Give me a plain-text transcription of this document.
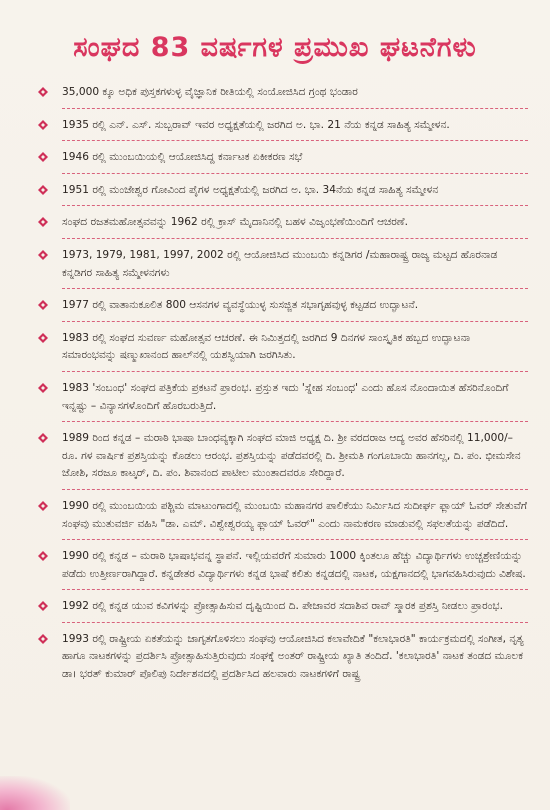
ಸಂಘದ 83 ವರ್ಷಗಳ ಪ್ರಮುಖ ಘಟನೆಗಳು
35,000 ಕ್ಕೂ ಅಧಿಕ ಪುಸ್ತಕಗಳುಳ್ಳ ವೈಜ್ಞಾನಿಕ ರೀತಿಯಲ್ಲಿ ಸಂಯೋಜಿಸಿದ ಗ್ರಂಥ ಭಂಡಾರ
1935 ರಲ್ಲಿ ಎನ್. ಎಸ್. ಸುಬ್ಬರಾವ್ ಇವರ ಅಧ್ಯಕ್ಷತೆಯಲ್ಲಿ ಜರಗಿದ ಅ. ಭಾ. 21 ನೆಯ ಕನ್ನಡ ಸಾಹಿತ್ಯ ಸಮ್ಮೇಳನ.
1946 ರಲ್ಲಿ ಮುಂಬಯಿಯಲ್ಲಿ ಆಯೋಜಿಸಿದ್ದ ಕರ್ನಾಟಕ ಏಕೀಕರಣ ಸಭೆ
1951 ರಲ್ಲಿ ಮಂಜೇಶ್ವರ ಗೋವಿಂದ ಪೈಗಳ ಅಧ್ಯಕ್ಷತೆಯಲ್ಲಿ ಜರಗಿದ ಅ. ಭಾ. 34ನೆಯ ಕನ್ನಡ ಸಾಹಿತ್ಯ ಸಮ್ಮೇಳನ
ಸಂಘದ ರಜತಮಹೋತ್ಸವವನ್ನು 1962 ರಲ್ಲಿ ಕ್ರಾಸ್ ಮೈದಾನಿನಲ್ಲಿ ಬಹಳ ವಿಜೃಂಭಣೆಯಿಂದಿಗೆ ಆಚರಣೆ.
1973, 1979, 1981, 1997, 2002 ರಲ್ಲಿ ಆಯೋಜಿಸಿದ ಮುಂಬಯಿ ಕನ್ನಡಿಗರ /ಮಹಾರಾಷ್ಟ್ರ ರಾಜ್ಯ ಮಟ್ಟದ ಹೊರನಾಡ ಕನ್ನಡಿಗರ ಸಾಹಿತ್ಯ ಸಮ್ಮೇಳನಗಳು
1977 ರಲ್ಲಿ ವಾತಾನುಕೂಲಿತ 800 ಆಸನಗಳ ವ್ಯವಸ್ಥೆಯುಳ್ಳ ಸುಸಜ್ಜಿತ ಸಭಾಗೃಹವುಳ್ಳ ಕಟ್ಟಡದ ಉದ್ಘಾಟನೆ.
1983 ರಲ್ಲಿ ಸಂಘದ ಸುವರ್ಣ ಮಹೋತ್ಸವ ಆಚರಣೆ. ಈ ನಿಮಿತ್ತದಲ್ಲಿ ಜರಗಿದ 9 ದಿನಗಳ ಸಾಂಸ್ಕೃತಿಕ ಹಬ್ಬದ ಉದ್ಘಾಟನಾ ಸಮಾರಂಭವನ್ನು ಷಣ್ಮುಖಾನಂದ ಹಾಲ್‌ನಲ್ಲಿ ಯಶಸ್ವಿಯಾಗಿ ಜರಗಿಸಿತು.
1983 'ಸಂಬಂಧ' ಸಂಘದ ಪತ್ರಿಕೆಯ ಪ್ರಕಟನೆ ಪ್ರಾರಂಭ. ಪ್ರಸ್ತುತ ಇದು 'ಸ್ನೇಹ ಸಂಬಂಧ' ಎಂದು ಹೊಸ ನೊಂದಾಯಿತ ಹೆಸರಿನೊಂದಿಗೆ ಇನ್ನಷ್ಟು – ವಿನ್ಯಾಸಗಳೊಂದಿಗೆ ಹೊರಬರುತ್ತಿದೆ.
1989 ರಿಂದ ಕನ್ನಡ – ಮರಾಠಿ ಭಾಷಾ ಬಾಂಧವ್ಯಕ್ಕಾಗಿ ಸಂಘದ ಮಾಜಿ ಅಧ್ಯಕ್ಷ ದಿ. ಶ್ರೀ ವರದರಾಜ ಆದ್ಯ ಅವರ ಹೆಸರಿನಲ್ಲಿ 11,000/– ರೂ. ಗಳ ವಾರ್ಷಿಕ ಪ್ರಶಸ್ತಿಯನ್ನು ಕೊಡಲು ಆರಂಭ. ಪ್ರಶಸ್ತಿಯನ್ನು ಪಡೆದವರಲ್ಲಿ ದಿ. ಶ್ರೀಮತಿ ಗಂಗೂಬಾಯಿ ಹಾನಗಲ್ಲ, ದಿ. ಪಂ. ಭೀಮಸೇನ ಜೋಶಿ, ಸರಜೂ ಕಾಟ್ಕರ್, ದಿ. ಪಂ. ಶಿವಾನಂದ ಪಾಟೀಲ ಮುಂತಾದವರೂ ಸೇರಿದ್ದಾರೆ.
1990 ರಲ್ಲಿ ಮುಂಬಯಿಯ ಪಶ್ಚಿಮ ಮಾಟುಂಗಾದಲ್ಲಿ ಮುಂಬಯಿ ಮಹಾನಗರ ಪಾಲಿಕೆಯು ನಿರ್ಮಿಸಿದ ಸುದೀರ್ಘ ಫ್ಲಾಯ್ ಓವರ್ ಸೇತುವೆಗೆ ಸಂಘವು ಮುತುವರ್ಜಿ ವಹಿಸಿ "ಡಾ. ಎಮ್. ವಿಶ್ವೇಶ್ವರಯ್ಯ ಫ್ಲಾಯ್ ಓವರ್" ಎಂದು ನಾಮಕರಣ ಮಾಡುವಲ್ಲಿ ಸಫಲತೆಯನ್ನು ಪಡೆದಿದೆ.
1990 ರಲ್ಲಿ ಕನ್ನಡ – ಮರಾಠಿ ಭಾಷಾಭವನ್ನ ಸ್ಥಾಪನೆ. ಇಲ್ಲಿಯವರೆಗೆ ಸುಮಾರು 1000 ಕ್ಕಿಂತಲೂ ಹೆಚ್ಚು ವಿದ್ಯಾರ್ಥಿಗಳು ಉಚ್ಚಶ್ರೇಣಿಯನ್ನು ಪಡೆದು ಉತ್ತೀರ್ಣರಾಗಿದ್ದಾರೆ. ಕನ್ನಡೇತರ ವಿದ್ಯಾರ್ಥಿಗಳು ಕನ್ನಡ ಭಾಷೆ ಕಲಿತು ಕನ್ನಡದಲ್ಲಿ ನಾಟಕ, ಯಕ್ಷಗಾನದಲ್ಲಿ ಭಾಗವಹಿಸಿರುವುದು ವಿಶೇಷ.
1992 ರಲ್ಲಿ ಕನ್ನಡ ಯುವ ಕವಿಗಳನ್ನು ಪ್ರೋತ್ಸಾಹಿಸುವ ದೃಷ್ಟಿಯಿಂದ ದಿ. ಪೇಜಾವರ ಸದಾಶಿವ ರಾವ್ ಸ್ಮಾರಕ ಪ್ರಶಸ್ತಿ ನೀಡಲು ಪ್ರಾರಂಭ.
1993 ರಲ್ಲಿ ರಾಷ್ಟ್ರೀಯ ಏಕತೆಯನ್ನು ಜಾಗೃತಗೊಳಿಸಲು ಸಂಘವು ಆಯೋಜಿಸಿದ ಕಲಾವೇದಿಕೆ "ಕಲಾಭಾರತಿ" ಕಾರ್ಯಕ್ರಮದಲ್ಲಿ ಸಂಗೀತ, ನೃತ್ಯ ಹಾಗೂ ನಾಟಕಗಳನ್ನು ಪ್ರದರ್ಶಿಸಿ ಪ್ರೋತ್ಸಾಹಿಸುತ್ತಿರುವುದು ಸಂಘಕ್ಕೆ ಅಂತರ್ ರಾಷ್ಟ್ರೀಯ ಖ್ಯಾತಿ ತಂದಿದೆ. 'ಕಲಾಭಾರತಿ' ನಾಟಕ ತಂಡದ ಮೂಲಕ ಡಾ। ಭರತ್ ಕುಮಾರ್ ಪೊಲಿಪು ನಿರ್ದೇಶನದಲ್ಲಿ ಪ್ರದರ್ಶಿಸಿದ ಹಲವಾರು ನಾಟಕಗಳಿಗೆ ರಾಷ್ಟ್ರ
